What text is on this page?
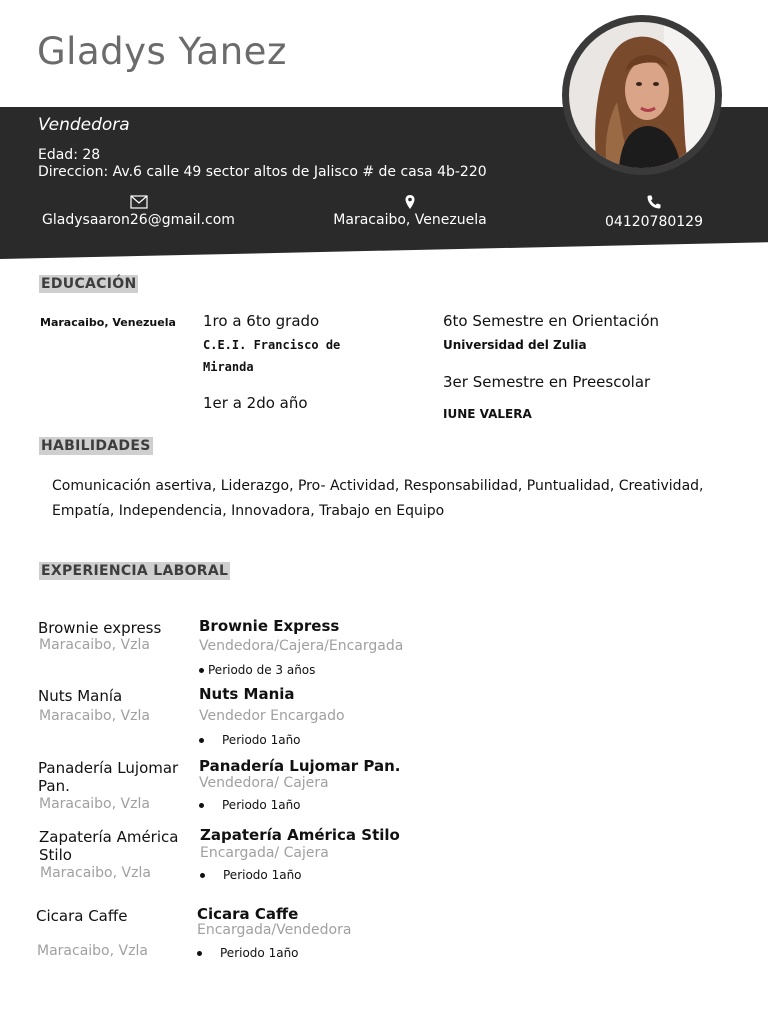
Gladys Yanez
Vendedora
Edad: 28
Direccion: Av.6 calle 49 sector altos de Jalisco # de casa 4b-220
Gladysaaron26@gmail.com	Maracaibo, Venezuela	04120780129
EDUCACIÓN
Maracaibo, Venezuela 1ro a 6to grado
C.E.I. Francisco de
Miranda
1er a 2do año
6to Semestre en Orientación
Universidad del Zulia
3er Semestre en Preescolar
IUNE VALERA
HABILIDADES
Comunicación asertiva, Liderazgo, Pro- Actividad, Responsabilidad, Puntualidad, Creatividad, Empatía, Independencia, Innovadora, Trabajo en Equipo
EXPERIENCIA LABORAL
Brownie express
Maracaibo, Vzla
Brownie Express
Vendedora/Cajera/Encargada
Periodo de 3 años
Nuts Manía
Maracaibo, Vzla
Nuts Mania
Vendedor Encargado
Periodo 1año
Panadería Lujomar Pan.
Maracaibo, Vzla
Panadería Lujomar Pan.
Vendedora/ Cajera
Periodo 1año
Zapatería América Stilo
Maracaibo, Vzla
Zapatería América Stilo
Encargada/ Cajera
Periodo 1año
Cicara Caffe
Maracaibo, Vzla
Cicara Caffe
Encargada/Vendedora
Periodo 1año
